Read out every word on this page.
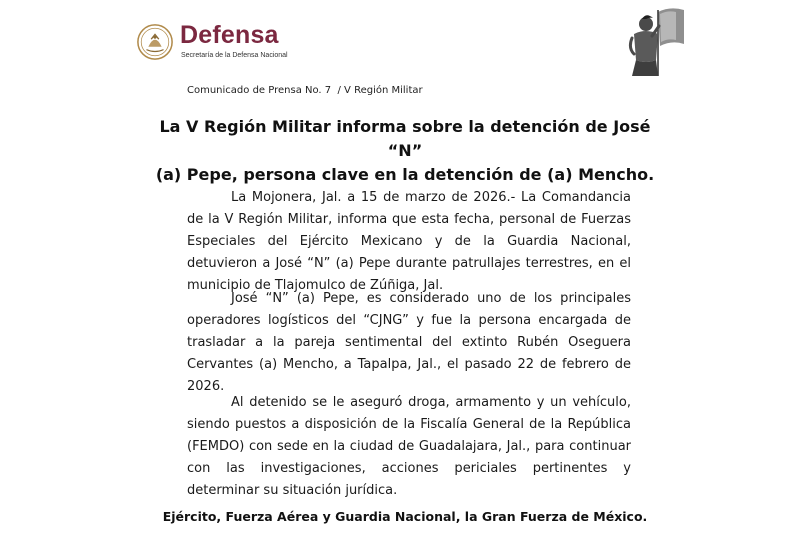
Defensa
Secretaría de la Defensa Nacional
Comunicado de Prensa No. 7  / V Región Militar
La V Región Militar informa sobre la detención de José “N”
(a) Pepe, persona clave en la detención de (a) Mencho.
La Mojonera, Jal. a 15 de marzo de 2026.- La Comandancia de la V Región Militar, informa que esta fecha, personal de Fuerzas Especiales del Ejército Mexicano y de la Guardia Nacional, detuvieron a José “N” (a) Pepe durante patrullajes terrestres, en el municipio de Tlajomulco de Zúñiga, Jal.
José “N” (a) Pepe, es considerado uno de los principales operadores logísticos del “CJNG” y fue la persona encargada de trasladar a la pareja sentimental del extinto Rubén Oseguera Cervantes (a) Mencho, a Tapalpa, Jal., el pasado 22 de febrero de 2026.
Al detenido se le aseguró droga, armamento y un vehículo, siendo puestos a disposición de la Fiscalía General de la República (FEMDO) con sede en la ciudad de Guadalajara, Jal., para continuar con las investigaciones, acciones periciales pertinentes y determinar su situación jurídica.
Ejército, Fuerza Aérea y Guardia Nacional, la Gran Fuerza de México.
